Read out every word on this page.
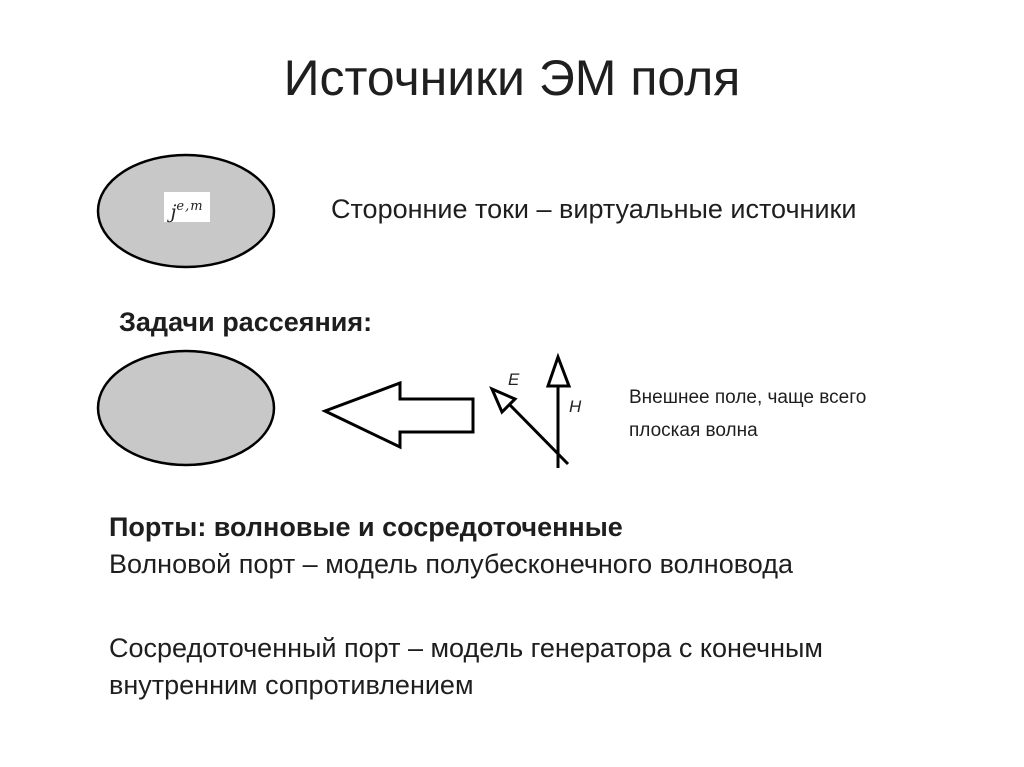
E
H
Источники ЭМ поля
$j^{e,m}$	Сторонние токи – виртуальные источники
Задачи рассеяния:
Внешнее поле, чаще всего
плоская волна
Порты: волновые и сосредоточенные
Волновой порт – модель полубесконечного волновода
Сосредоточенный порт – модель генератора с конечным
внутренним сопротивлением
